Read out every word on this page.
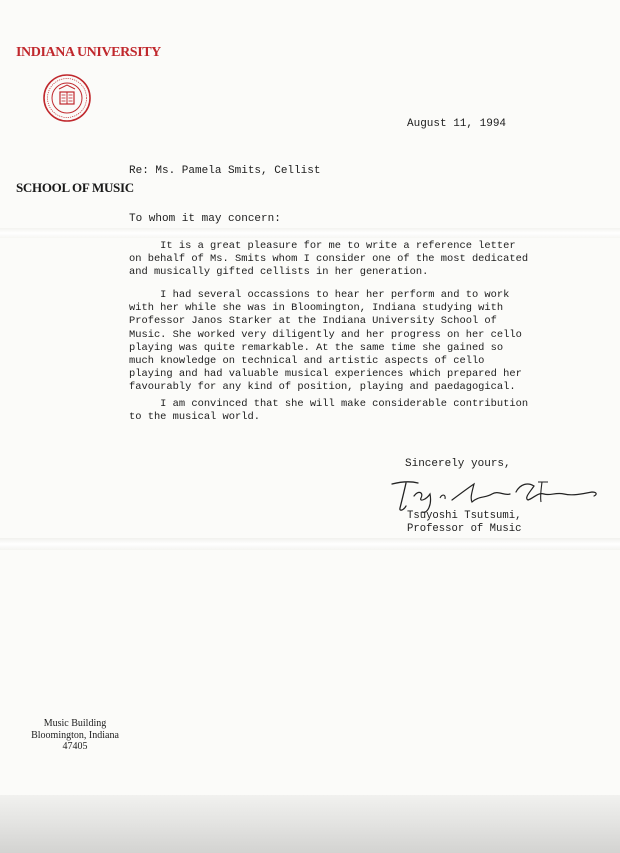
INDIANA UNIVERSITY
SCHOOL OF MUSIC
August 11, 1994
Re: Ms. Pamela Smits, Cellist
To whom it may concern:
It is a great pleasure for me to write a reference letter
on behalf of Ms. Smits whom I consider one of the most dedicated
and musically gifted cellists in her generation.
I had several occassions to hear her perform and to work
with her while she was in Bloomington, Indiana studying with
Professor Janos Starker at the Indiana University School of
Music. She worked very diligently and her progress on her cello
playing was quite remarkable. At the same time she gained so
much knowledge on technical and artistic aspects of cello
playing and had valuable musical experiences which prepared her
favourably for any kind of position, playing and paedagogical.
I am convinced that she will make considerable contribution
to the musical world.
Sincerely yours,
Tsuyoshi Tsutsumi,
Professor of Music
Music Building
Bloomington, Indiana
47405
